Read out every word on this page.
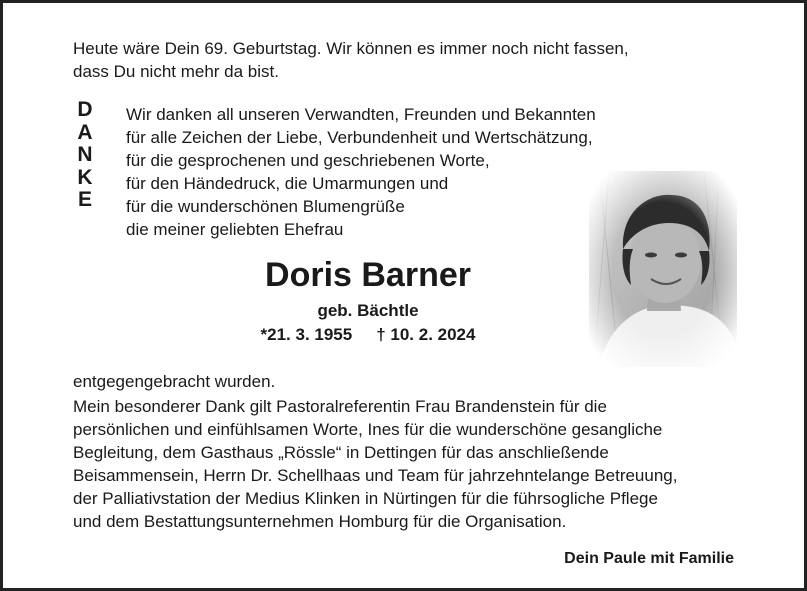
Heute wäre Dein 69. Geburtstag. Wir können es immer noch nicht fassen,
dass Du nicht mehr da bist.
D
A
N
K
E
Wir danken all unseren Verwandten, Freunden und Bekannten
für alle Zeichen der Liebe, Verbundenheit und Wertschätzung,
für die gesprochenen und geschriebenen Worte,
für den Händedruck, die Umarmungen und
für die wunderschönen Blumengrüße
die meiner geliebten Ehefrau
Doris Barner
geb. Bächtle
*21. 3. 1955 † 10. 2. 2024
entgegengebracht wurden.
Mein besonderer Dank gilt Pastoralreferentin Frau Brandenstein für die
persönlichen und einfühlsamen Worte, Ines für die wunderschöne gesangliche
Begleitung, dem Gasthaus „Rössle“ in Dettingen für das anschließende
Beisammensein, Herrn Dr. Schellhaas und Team für jahrzehntelange Betreuung,
der Palliativstation der Medius Klinken in Nürtingen für die führsogliche Pflege
und dem Bestattungsunternehmen Homburg für die Organisation.
Dein Paule mit Familie
